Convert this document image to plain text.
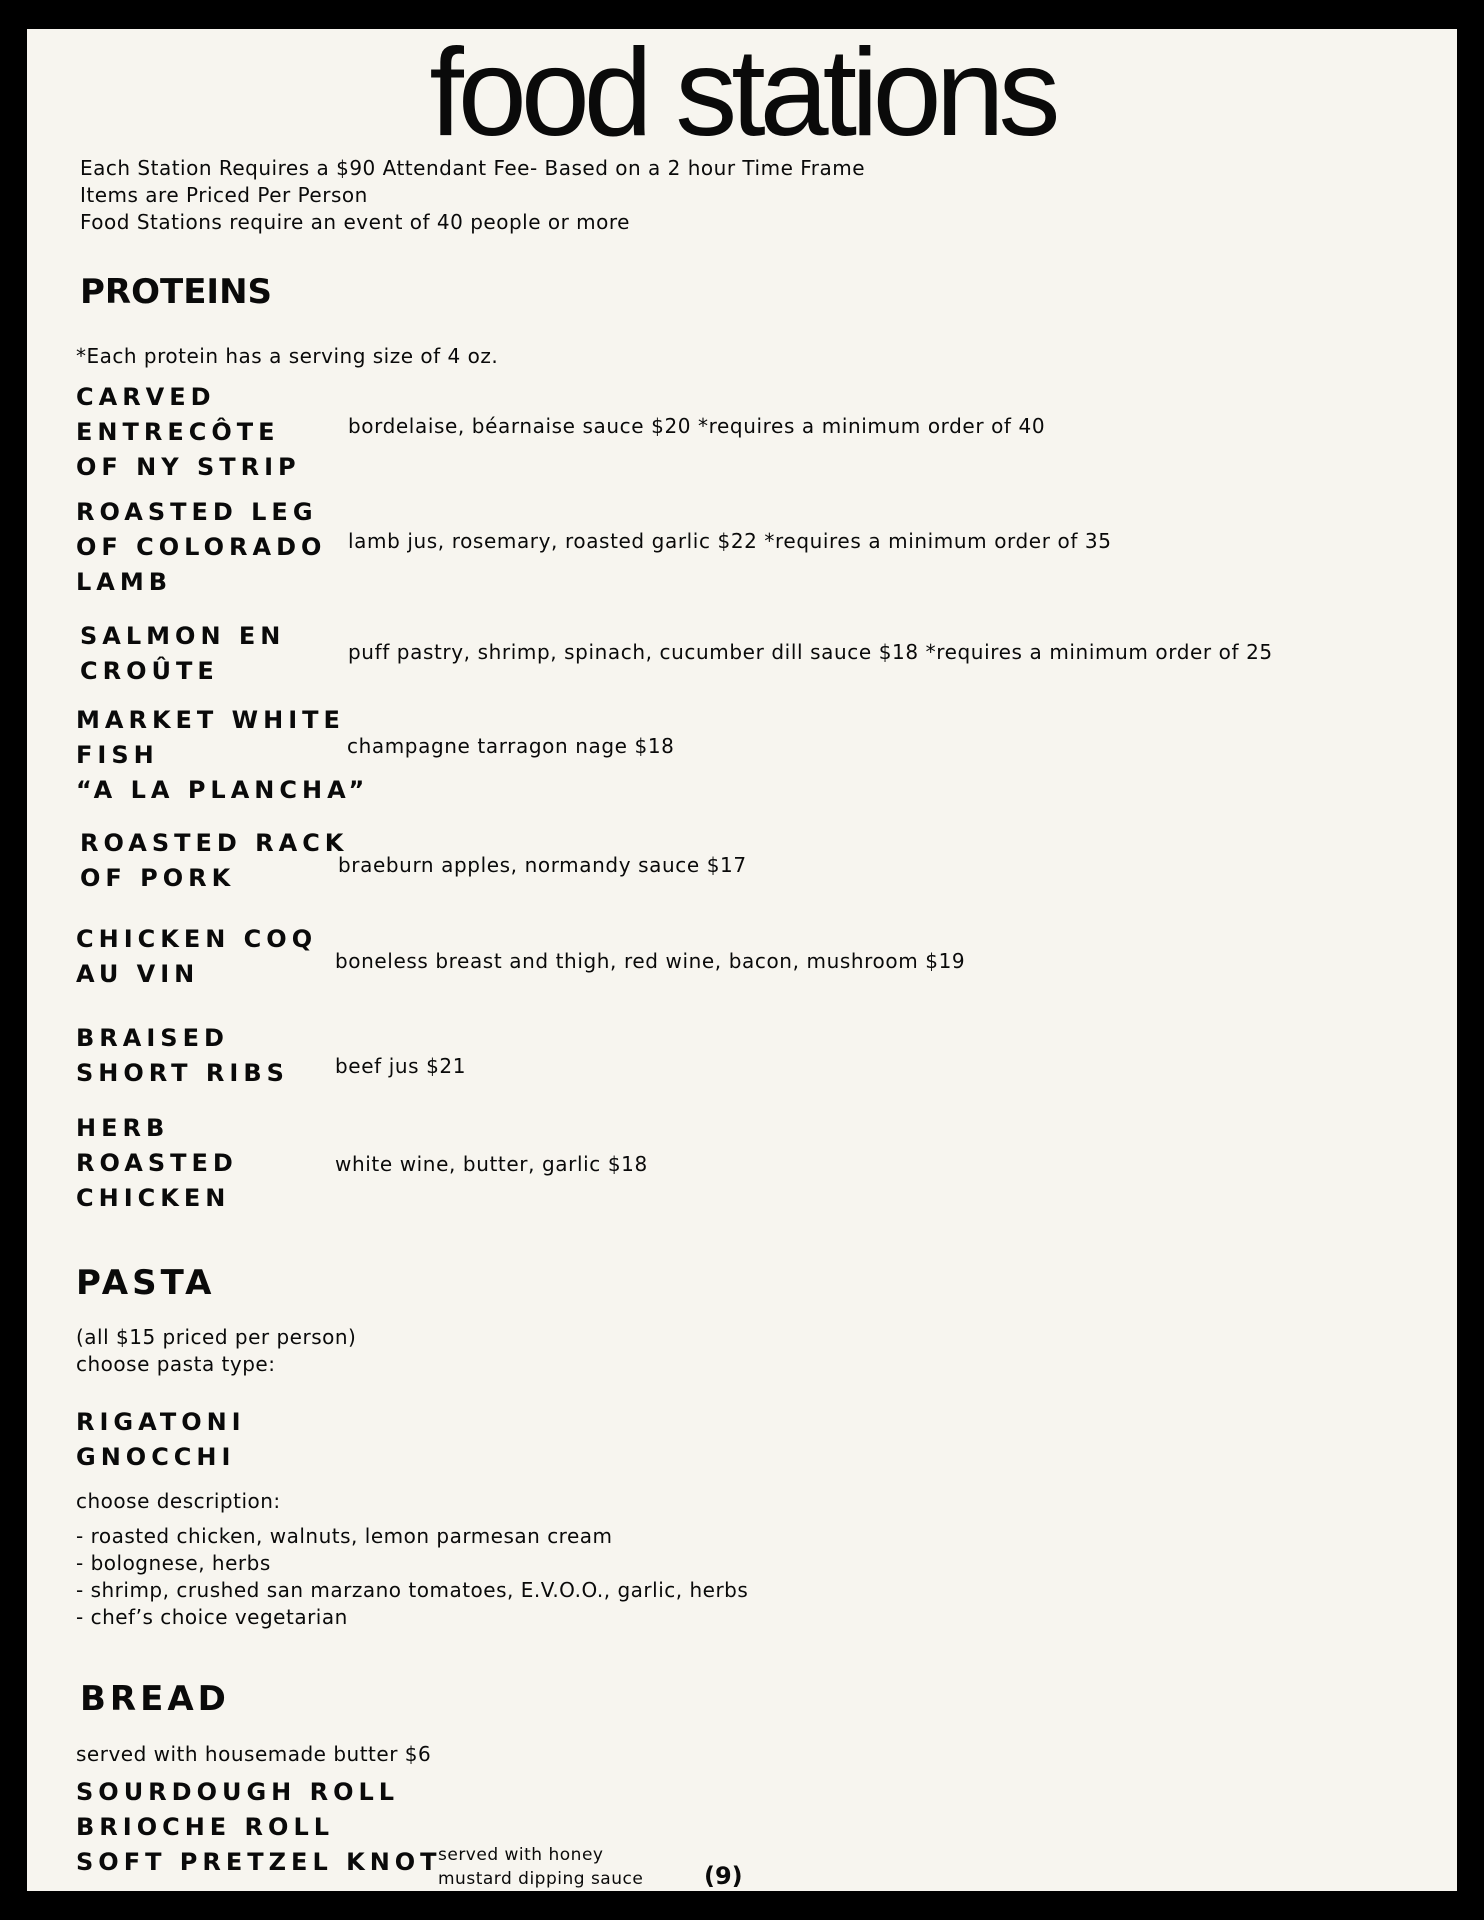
food stations
Each Station Requires a $90 Attendant Fee- Based on a 2 hour Time Frame
Items are Priced Per Person
Food Stations require an event of 40 people or more
PROTEINS
*Each protein has a serving size of 4 oz.
CARVED
ENTRECÔTE
OF NY STRIP
bordelaise, béarnaise sauce $20 *requires a minimum order of 40
ROASTED LEG
OF COLORADO
LAMB
lamb jus, rosemary, roasted garlic $22 *requires a minimum order of 35
SALMON EN
CROÛTE
puff pastry, shrimp, spinach, cucumber dill sauce $18 *requires a minimum order of 25
MARKET WHITE
FISH
“A LA PLANCHA”
champagne tarragon nage $18
ROASTED RACK
OF PORK	braeburn apples, normandy sauce $17
CHICKEN COQ
AU VIN	boneless breast and thigh, red wine, bacon, mushroom $19
BRAISED
SHORT RIBS beef jus $21
HERB
ROASTED
CHICKEN
white wine, butter, garlic $18
PASTA
(all $15 priced per person)
choose pasta type:
RIGATONI
GNOCCHI
choose description:
- roasted chicken, walnuts, lemon parmesan cream
- bolognese, herbs
- shrimp, crushed san marzano tomatoes, E.V.O.O., garlic, herbs
- chef’s choice vegetarian
BREAD
served with housemade butter $6
SOURDOUGH ROLL
BRIOCHE ROLL
SOFT PRETZEL KNOT
served with honey
mustard dipping sauce	(9)
